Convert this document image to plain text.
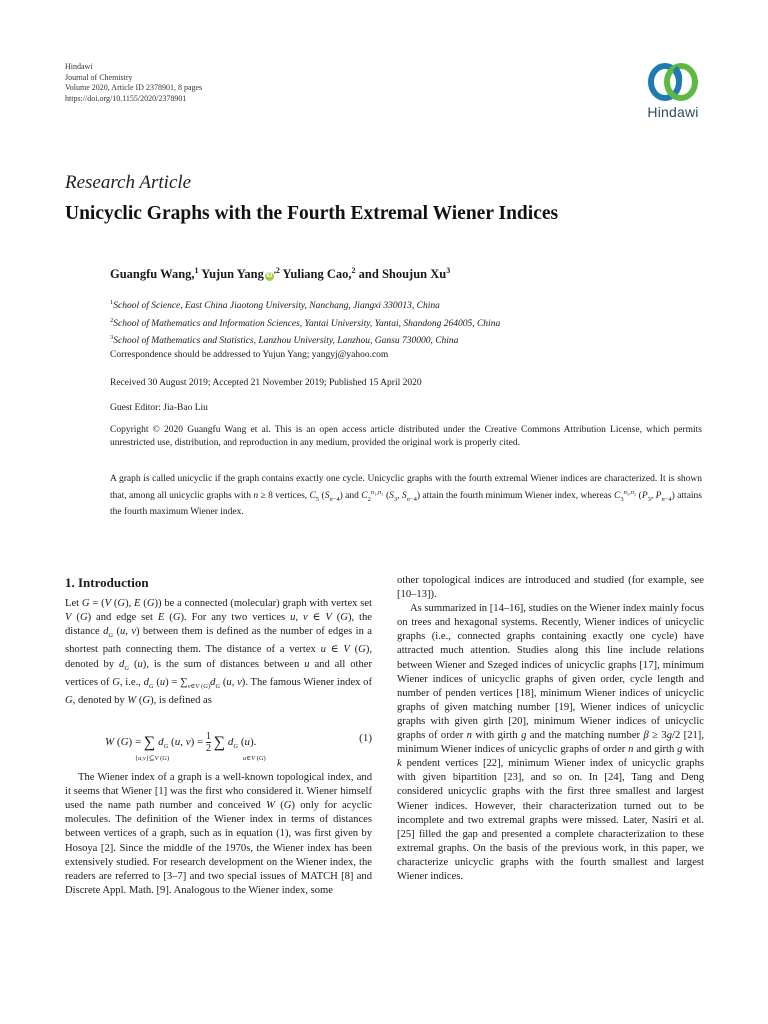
Hindawi
Journal of Chemistry
Volume 2020, Article ID 2378901, 8 pages
https://doi.org/10.1155/2020/2378901
Hindawi
Research Article
Unicyclic Graphs with the Fourth Extremal Wiener Indices
Guangfu Wang,$^1$ Yujun Yang $iD^{,2}$ Yuliang Cao,$^2$ and Shoujun Xu$^3$
$^1$School of Science, East China Jiaotong University, Nanchang, Jiangxi 330013, China
$^2$School of Mathematics and Information Sciences, Yantai University, Yantai, Shandong 264005, China
$^3$School of Mathematics and Statistics, Lanzhou University, Lanzhou, Gansu 730000, China
Correspondence should be addressed to Yujun Yang; yangyj@yahoo.com
Received 30 August 2019; Accepted 21 November 2019; Published 15 April 2020
Guest Editor: Jia-Bao Liu
Copyright © 2020 Guangfu Wang et al. This is an open access article distributed under the Creative Commons Attribution License, which permits unrestricted use, distribution, and reproduction in any medium, provided the original work is properly cited.
A graph is called unicyclic if the graph contains exactly one cycle. Unicyclic graphs with the fourth extremal Wiener indices are characterized. It is shown that, among all unicyclic graphs with n ≥ 8 vertices, $C_5$ $(S_{n-4})$ and $C_2^{n_1,n_2}$ ($S_3$, $S_{n-4}$) attain the fourth minimum Wiener index, whereas $C_3^{n_1,n_2}$ ($P_3$, $P_{n-4}$) attains the fourth maximum Wiener index.
1. Introduction

Let G = (V (G), E (G)) be a connected (molecular) graph with vertex set V (G) and edge set E (G). For any two vertices u, v ∈ V (G), the distance $d_G$ (u, v) between them is defined as the number of edges in a shortest path connecting them. The distance of a vertex u ∈ V (G), denoted by $d_G$ (u), is the sum of distances between u and all other vertices of G, i.e., $d_G$ $(u) = \sum_{v\in V (G)}d_G$ (u, v). The famous Wiener index of G, denoted by W (G), is defined as

W (G) = ∑ $d_G$ (u, $v) = \frac{1}{2}$ ∑ $d_G$ (u).
{u,v}⊆V (G)	u∈V (G)
(1)

The Wiener index of a graph is a well-known topological index, and it seems that Wiener [1] was the first who considered it. Wiener himself used the name path number and conceived W (G) only for acyclic molecules. The definition of the Wiener index in terms of distances between vertices of a graph, such as in equation (1), was first given by Hosoya [2]. Since the middle of the 1970s, the Wiener index has been extensively studied. For research development on the Wiener index, the readers are referred to [3–7] and two special issues of MATCH [8] and Discrete Appl. Math. [9]. Analogous to the Wiener index, some

other topological indices are introduced and studied (for example, see [10–13]).

As summarized in [14–16], studies on the Wiener index mainly focus on trees and hexagonal systems. Recently, Wiener indices of unicyclic graphs (i.e., connected graphs containing exactly one cycle) have attracted much attention. Studies along this line include relations between Wiener and Szeged indices of unicyclic graphs [17], minimum Wiener indices of unicyclic graphs of given order, cycle length and number of penden vertices [18], minimum Wiener indices of unicyclic graphs of given matching number [19], Wiener indices of unicyclic graphs with given girth [20], minimum Wiener indices of unicyclic graphs of order n with girth g and the matching number β ≥ 3g/2 [21], minimum Wiener indices of unicyclic graphs of order n and girth g with k pendent vertices [22], minimum Wiener index of unicyclic graphs with given bipartition [23], and so on. In [24], Tang and Deng considered unicyclic graphs with the first three smallest and largest Wiener indices. However, their characterization turned out to be incomplete and two extremal graphs were missed. Later, Nasiri et al. [25] filled the gap and presented a complete characterization to these extremal graphs. On the basis of the previous work, in this paper, we characterize unicyclic graphs with the fourth smallest and largest Wiener indices.
